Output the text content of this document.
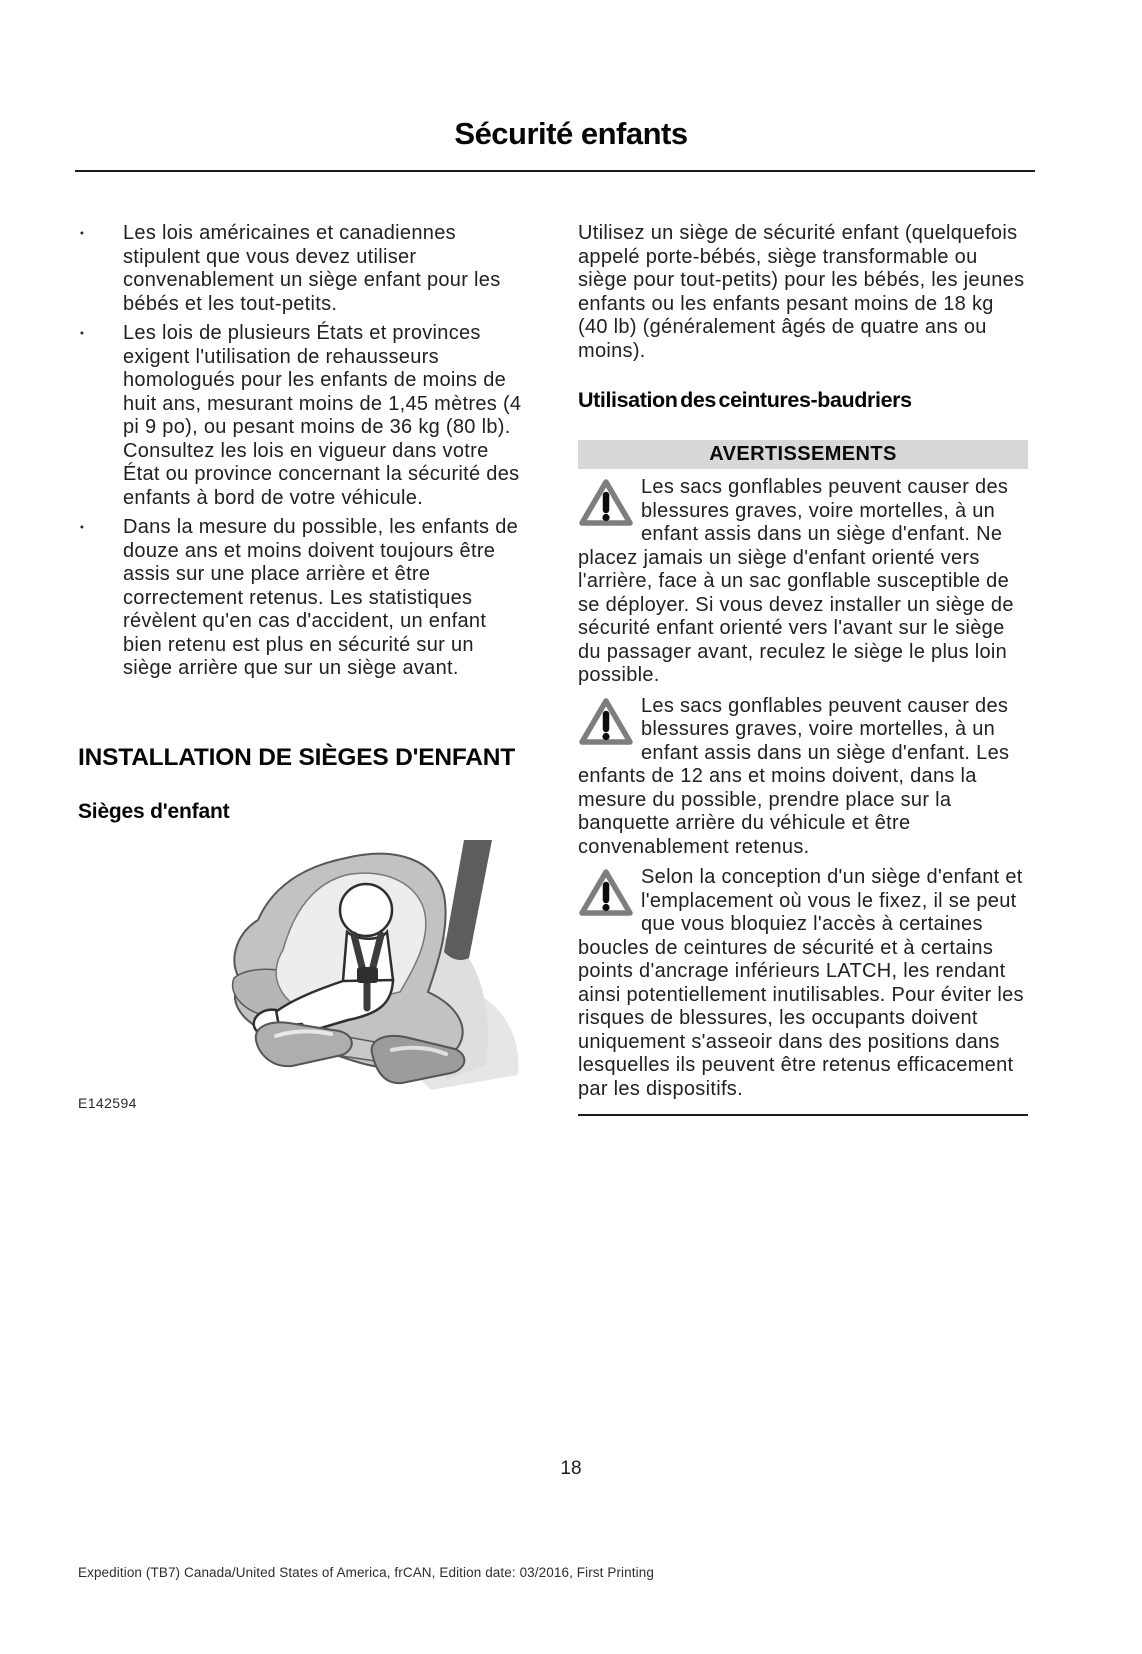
Sécurité enfants
• Les lois américaines et canadiennes stipulent que vous devez utiliser convenablement un siège enfant pour les bébés et les tout-petits.
• Les lois de plusieurs États et provinces exigent l'utilisation de rehausseurs homologués pour les enfants de moins de huit ans, mesurant moins de 1,45 mètres (4 pi 9 po), ou pesant moins de 36 kg (80 lb). Consultez les lois en vigueur dans votre État ou province concernant la sécurité des enfants à bord de votre véhicule.
• Dans la mesure du possible, les enfants de douze ans et moins doivent toujours être assis sur une place arrière et être correctement retenus. Les statistiques révèlent qu'en cas d'accident, un enfant bien retenu est plus en sécurité sur un siège arrière que sur un siège avant.
INSTALLATION DE SIÈGES D'ENFANT
Sièges d'enfant
E142594

Utilisez un siège de sécurité enfant (quelquefois appelé porte-bébés, siège transformable ou siège pour tout-petits) pour les bébés, les jeunes enfants ou les enfants pesant moins de 18 kg (40 lb) (généralement âgés de quatre ans ou moins).

Utilisation des ceintures-baudriers
AVERTISSEMENTS
Les sacs gonflables peuvent causer des blessures graves, voire mortelles, à un enfant assis dans un siège d'enfant. Ne placez jamais un siège d'enfant orienté vers l'arrière, face à un sac gonflable susceptible de se déployer. Si vous devez installer un siège de sécurité enfant orienté vers l'avant sur le siège du passager avant, reculez le siège le plus loin possible.
Les sacs gonflables peuvent causer des blessures graves, voire mortelles, à un enfant assis dans un siège d'enfant. Les enfants de 12 ans et moins doivent, dans la mesure du possible, prendre place sur la banquette arrière du véhicule et être convenablement retenus.
Selon la conception d'un siège d'enfant et l'emplacement où vous le fixez, il se peut que vous bloquiez l'accès à certaines boucles de ceintures de sécurité et à certains points d'ancrage inférieurs LATCH, les rendant ainsi potentiellement inutilisables. Pour éviter les risques de blessures, les occupants doivent uniquement s'asseoir dans des positions dans lesquelles ils peuvent être retenus efficacement par les dispositifs.
18
Expedition (TB7) Canada/United States of America, frCAN, Edition date: 03/2016, First Printing
